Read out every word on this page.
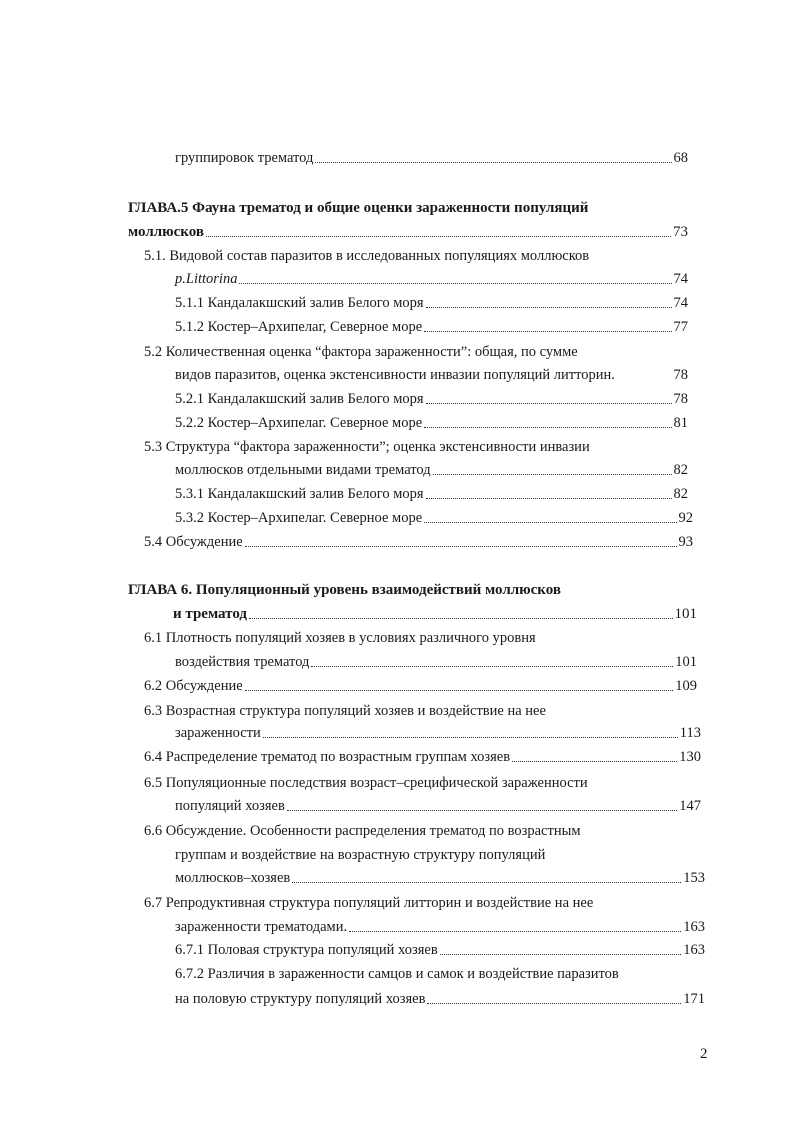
группировок трематод	68
ГЛАВА.5 Фауна трематод и общие оценки зараженности популяций
моллюсков	73
5.1. Видовой состав паразитов в исследованных популяциях моллюсков
p.Littorina	74
5.1.1 Кандалакшский залив Белого моря	74
5.1.2 Костер–Архипелаг, Северное море	77
5.2 Количественная оценка “фактора зараженности”: общая, по сумме
видов паразитов, оценка экстенсивности инвазии популяций литторин.	78
5.2.1 Кандалакшский залив Белого моря	78
5.2.2 Костер–Архипелаг. Северное море	81
5.3 Структура “фактора зараженности”; оценка экстенсивности инвазии
моллюсков отдельными видами трематод	82
5.3.1 Кандалакшский залив Белого моря	82
5.3.2 Костер–Архипелаг. Северное море	92
5.4 Обсуждение	93
ГЛАВА 6. Популяционный уровень взаимодействий моллюсков
и трематод	101
6.1 Плотность популяций хозяев в условиях различного уровня
воздействия трематод	101
6.2 Обсуждение	109
6.3 Возрастная структура популяций хозяев и воздействие на нее
зараженности	113
6.4 Распределение трематод по возрастным группам хозяев	130
6.5 Популяционные последствия возраст–срецифической зараженности
популяций хозяев	147
6.6 Обсуждение. Особенности распределения трематод по возрастным
группам и воздействие на возрастную структуру популяций
моллюсков–хозяев	153
6.7 Репродуктивная структура популяций литторин и воздействие на нее
зараженности трематодами.	163
6.7.1 Половая структура популяций хозяев	163
6.7.2 Различия в зараженности самцов и самок и воздействие паразитов
на половую структуру популяций хозяев	171
2
